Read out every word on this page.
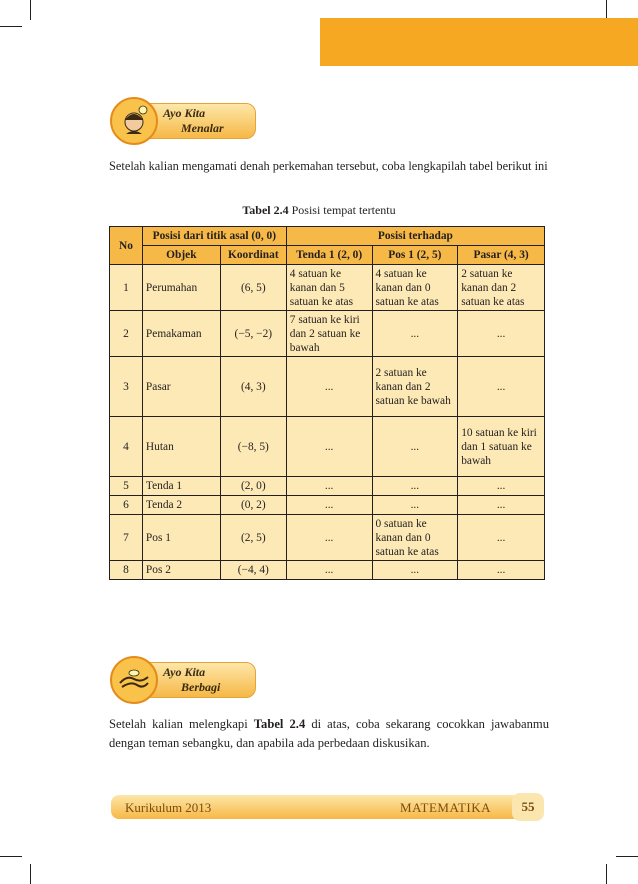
Ayo Kita
Menalar
Setelah kalian mengamati denah perkemahan tersebut, coba lengkapilah tabel berikut ini
Tabel 2.4 Posisi tempat tertentu
No	Posisi dari titik asal (0, 0)		Posisi terhadap		
	Objek	Koordinat	Tenda 1 (2, 0)	Pos 1 (2, 5)	Pasar (4, 3)
1	Perumahan	(6, 5)	4 satuan ke kanan dan 5 satuan ke atas	4 satuan ke kanan dan 0 satuan ke atas	2 satuan ke kanan dan 2 satuan ke atas
2	Pemakaman	(−5, −2)	7 satuan ke kiri dan 2 satuan ke bawah	...	...
3	Pasar	(4, 3)	...	2 satuan ke kanan dan 2 satuan ke bawah	...
4	Hutan	(−8, 5)	...	...	10 satuan ke kiri dan 1 satuan ke bawah
5	Tenda 1	(2, 0)	...	...	...
6	Tenda 2	(0, 2)	...	...	...
7	Pos 1	(2, 5)	...	0 satuan ke kanan dan 0 satuan ke atas	...
8	Pos 2	(−4, 4)	...	...	...
Ayo Kita
Berbagi
Setelah kalian melengkapi Tabel 2.4 di atas, coba sekarang cocokkan jawabanmu dengan teman sebangku, dan apabila ada perbedaan diskusikan.
Kurikulum 2013	MATEMATIKA	55
